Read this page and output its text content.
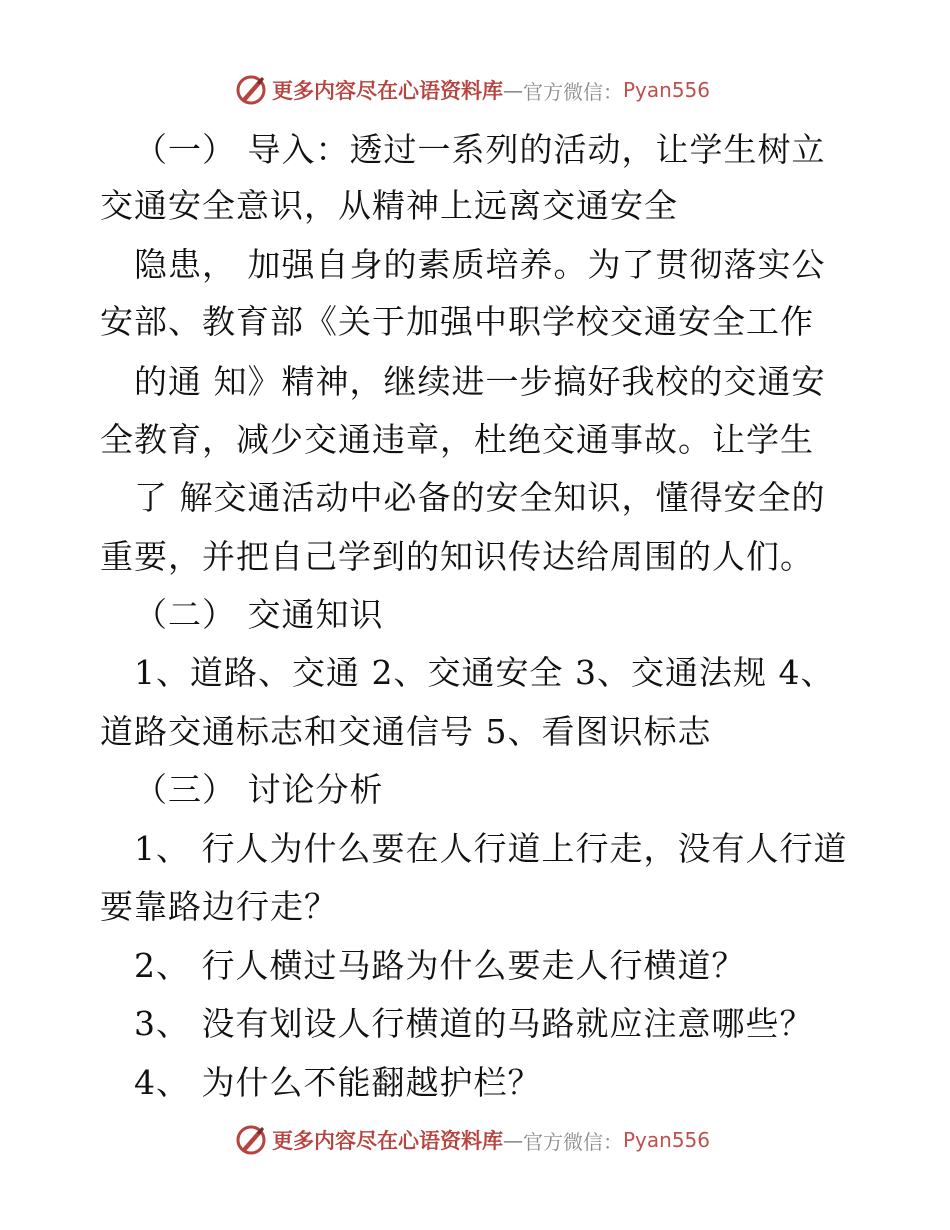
更多内容尽在心语资料库 — 官方微信： Pyan556
（一） 导入：透过一系列的活动，让学生树立
交通安全意识，从精神上远离交通安全
隐患， 加强自身的素质培养。为了贯彻落实公
安部、教育部《关于加强中职学校交通安全工作
的通 知》精神，继续进一步搞好我校的交通安
全教育，减少交通违章，杜绝交通事故。让学生
了 解交通活动中必备的安全知识，懂得安全的
重要，并把自己学到的知识传达给周围的人们。
（二） 交通知识
1、道路、交通 2、交通安全 3、交通法规 4、
道路交通标志和交通信号 5、看图识标志
（三） 讨论分析
1、 行人为什么要在人行道上行走，没有人行道
要靠路边行走？
2、 行人横过马路为什么要走人行横道？
3、 没有划设人行横道的马路就应注意哪些？
4、 为什么不能翻越护栏？
更多内容尽在心语资料库 — 官方微信： Pyan556
